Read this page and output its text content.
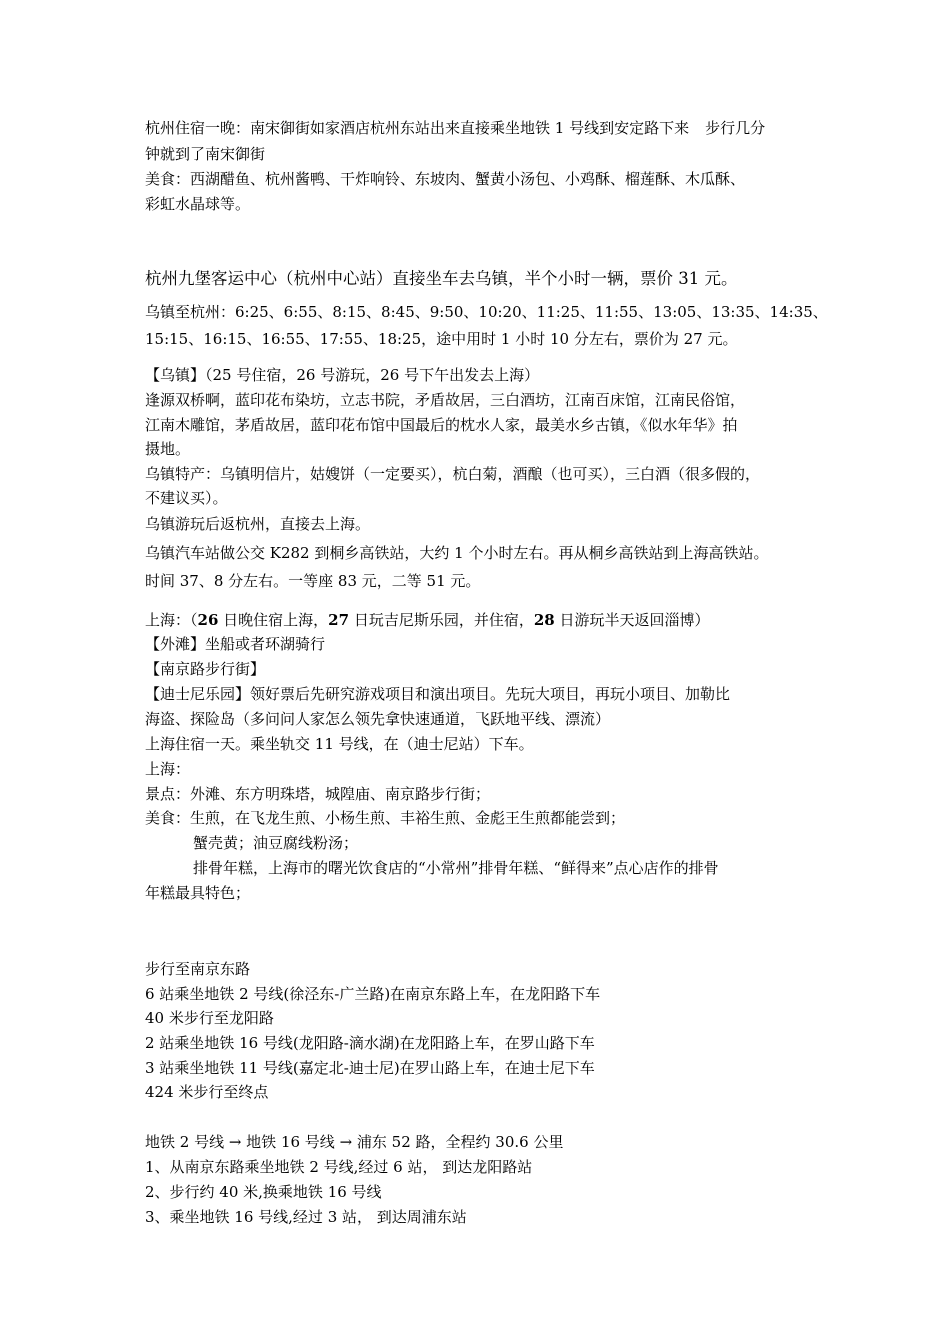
杭州住宿一晚：南宋御街如家酒店杭州东站出来直接乘坐地铁 1 号线到安定路下来 步行几分
钟就到了南宋御街
美食：西湖醋鱼、杭州酱鸭、干炸响铃、东坡肉、蟹黄小汤包、小鸡酥、榴莲酥、木瓜酥、
彩虹水晶球等。
杭州九堡客运中心（杭州中心站）直接坐车去乌镇，半个小时一辆，票价 31 元。
乌镇至杭州：6:25、6:55、8:15、8:45、9:50、10:20、11:25、11:55、13:05、13:35、14:35、
15:15、16:15、16:55、17:55、18:25，途中用时 1 小时 10 分左右，票价为 27 元。
【乌镇】（25 号住宿，26 号游玩，26 号下午出发去上海）
逢源双桥啊，蓝印花布染坊，立志书院，矛盾故居，三白酒坊，江南百床馆，江南民俗馆，
江南木雕馆，茅盾故居，蓝印花布馆中国最后的枕水人家，最美水乡古镇，《似水年华》拍
摄地。
乌镇特产：乌镇明信片，姑嫂饼（一定要买），杭白菊，酒酿（也可买），三白酒（很多假的，
不建议买）。
乌镇游玩后返杭州，直接去上海。
乌镇汽车站做公交 K282 到桐乡高铁站，大约 1 个小时左右。再从桐乡高铁站到上海高铁站。
时间 37、8 分左右。一等座 83 元，二等 51 元。
上海：（26 日晚住宿上海，27 日玩吉尼斯乐园，并住宿，28 日游玩半天返回淄博）
【外滩】坐船或者环湖骑行
【南京路步行街】
【迪士尼乐园】领好票后先研究游戏项目和演出项目。先玩大项目，再玩小项目、加勒比
海盗、探险岛（多问问人家怎么领先拿快速通道，飞跃地平线、漂流）
上海住宿一天。乘坐轨交 11 号线，在（迪士尼站）下车。
上海：
景点：外滩、东方明珠塔，城隍庙、南京路步行街；
美食：生煎，在飞龙生煎、小杨生煎、丰裕生煎、金彪王生煎都能尝到；
蟹壳黄；油豆腐线粉汤；
排骨年糕，上海市的曙光饮食店的“小常州”排骨年糕、“鲜得来”点心店作的排骨
年糕最具特色；
步行至南京东路
6 站乘坐地铁 2 号线(徐泾东-广兰路)在南京东路上车，在龙阳路下车
40 米步行至龙阳路
2 站乘坐地铁 16 号线(龙阳路-滴水湖)在龙阳路上车，在罗山路下车
3 站乘坐地铁 11 号线(嘉定北-迪士尼)在罗山路上车，在迪士尼下车
424 米步行至终点
地铁 2 号线 → 地铁 16 号线 → 浦东 52 路，全程约 30.6 公里
1、从南京东路乘坐地铁 2 号线,经过 6 站， 到达龙阳路站
2、步行约 40 米,换乘地铁 16 号线
3、乘坐地铁 16 号线,经过 3 站， 到达周浦东站
